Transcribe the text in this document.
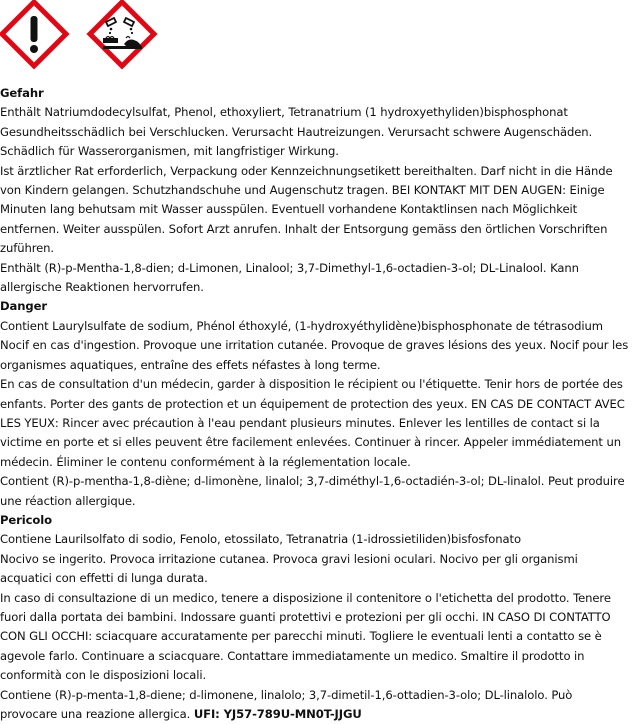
Gefahr

Enthält Natriumdodecylsulfat, Phenol, ethoxyliert, Tetranatrium (1 hydroxyethyliden)bisphosphonat

Gesundheitsschädlich bei Verschlucken. Verursacht Hautreizungen. Verursacht schwere Augenschäden. Schädlich für Wasserorganismen, mit langfristiger Wirkung.

Ist ärztlicher Rat erforderlich, Verpackung oder Kennzeichnungsetikett bereithalten. Darf nicht in die Hände von Kindern gelangen. Schutzhandschuhe und Augenschutz tragen. BEI KONTAKT MIT DEN AUGEN: Einige Minuten lang behutsam mit Wasser ausspülen. Eventuell vorhandene Kontaktlinsen nach Möglichkeit entfernen. Weiter ausspülen. Sofort Arzt anrufen. Inhalt der Entsorgung gemäss den örtlichen Vorschriften zuführen.

Enthält (R)-p-Mentha-1,8-dien; d-Limonen, Linalool; 3,7-Dimethyl-1,6-octadien-3-ol; DL-Linalool. Kann allergische Reaktionen hervorrufen.

Danger

Contient Laurylsulfate de sodium, Phénol éthoxylé, (1-hydroxyéthylidène)bisphosphonate de tétrasodium

Nocif en cas d'ingestion. Provoque une irritation cutanée. Provoque de graves lésions des yeux. Nocif pour les organismes aquatiques, entraîne des effets néfastes à long terme.

En cas de consultation d'un médecin, garder à disposition le récipient ou l'étiquette. Tenir hors de portée des enfants. Porter des gants de protection et un équipement de protection des yeux. EN CAS DE CONTACT AVEC LES YEUX: Rincer avec précaution à l'eau pendant plusieurs minutes. Enlever les lentilles de contact si la victime en porte et si elles peuvent être facilement enlevées. Continuer à rincer. Appeler immédiatement un médecin. Éliminer le contenu conformément à la réglementation locale.

Contient (R)-p-mentha-1,8-diène; d-limonène, linalol; 3,7-diméthyl-1,6-octadién-3-ol; DL-linalol. Peut produire une réaction allergique.

Pericolo

Contiene Laurilsolfato di sodio, Fenolo, etossilato, Tetranatria (1-idrossietiliden)bisfosfonato

Nocivo se ingerito. Provoca irritazione cutanea. Provoca gravi lesioni oculari. Nocivo per gli organismi acquatici con effetti di lunga durata.

In caso di consultazione di un medico, tenere a disposizione il contenitore o l'etichetta del prodotto. Tenere fuori dalla portata dei bambini. Indossare guanti protettivi e protezioni per gli occhi. IN CASO DI CONTATTO CON GLI OCCHI: sciacquare accuratamente per parecchi minuti. Togliere le eventuali lenti a contatto se è agevole farlo. Continuare a sciacquare. Contattare immediatamente un medico. Smaltire il prodotto in conformità con le disposizioni locali.

Contiene (R)-p-menta-1,8-diene; d-limonene, linalolo; 3,7-dimetil-1,6-ottadien-3-olo; DL-linalolo. Può provocare una reazione allergica. UFI: YJ57-789U-MN0T-JJGU
